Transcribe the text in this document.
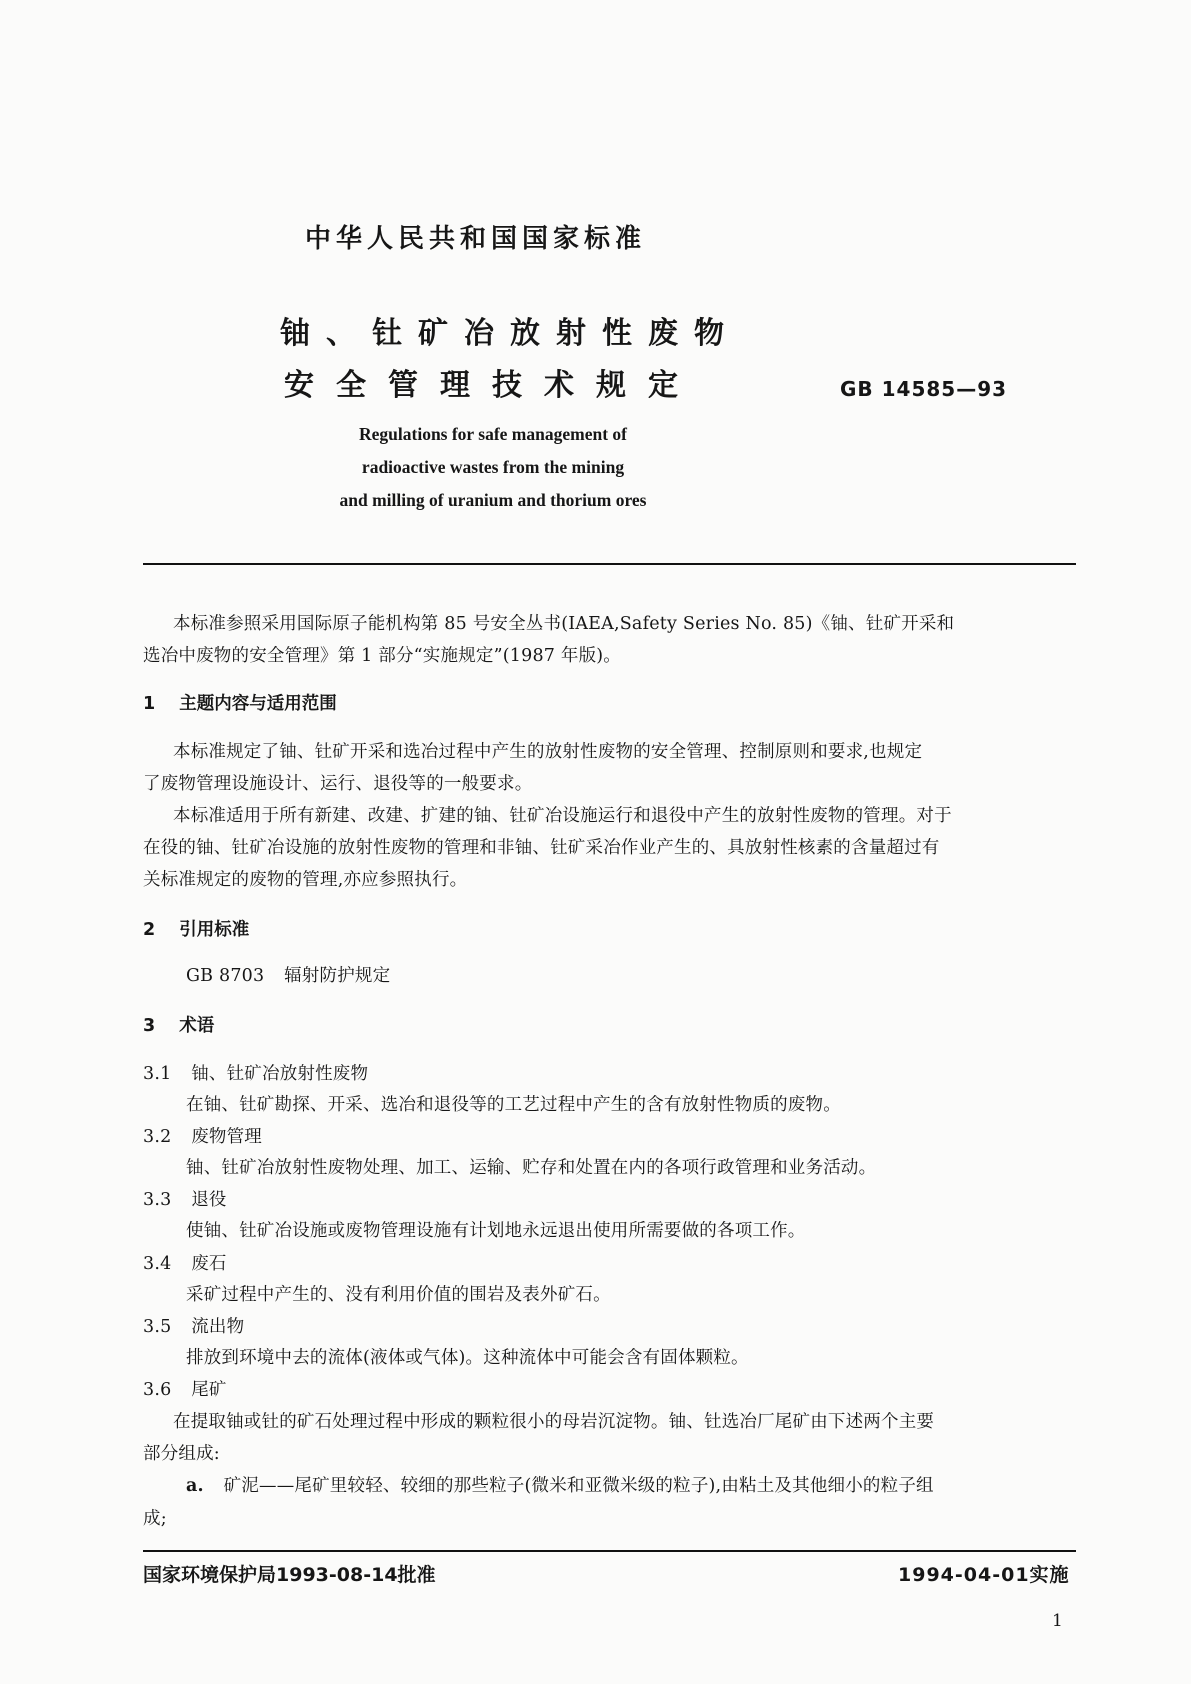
中华人民共和国国家标准
铀、钍矿冶放射性废物
安全管理技术规定	GB 14585—93
Regulations for safe management of
radioactive wastes from the mining
and milling of uranium and thorium ores
本标准参照采用国际原子能机构第 85 号安全丛书(IAEA,Safety Series No. 85)《铀、钍矿开采和
选冶中废物的安全管理》第 1 部分“实施规定”(1987 年版)。
1 主题内容与适用范围
本标准规定了铀、钍矿开采和选冶过程中产生的放射性废物的安全管理、控制原则和要求,也规定
了废物管理设施设计、运行、退役等的一般要求。
本标准适用于所有新建、改建、扩建的铀、钍矿冶设施运行和退役中产生的放射性废物的管理。对于
在役的铀、钍矿冶设施的放射性废物的管理和非铀、钍矿采冶作业产生的、具放射性核素的含量超过有
关标准规定的废物的管理,亦应参照执行。
2 引用标准
GB 8703 辐射防护规定
3 术语
3.1 铀、钍矿冶放射性废物
在铀、钍矿勘探、开采、选冶和退役等的工艺过程中产生的含有放射性物质的废物。
3.2 废物管理
铀、钍矿冶放射性废物处理、加工、运输、贮存和处置在内的各项行政管理和业务活动。
3.3 退役
使铀、钍矿冶设施或废物管理设施有计划地永远退出使用所需要做的各项工作。
3.4 废石
采矿过程中产生的、没有利用价值的围岩及表外矿石。
3.5 流出物
排放到环境中去的流体(液体或气体)。这种流体中可能会含有固体颗粒。
3.6 尾矿
在提取铀或钍的矿石处理过程中形成的颗粒很小的母岩沉淀物。铀、钍选冶厂尾矿由下述两个主要
部分组成:
a. 矿泥——尾矿里较轻、较细的那些粒子(微米和亚微米级的粒子),由粘土及其他细小的粒子组
成;
国家环境保护局1993-08-14批准	1994-04-01实施
1
